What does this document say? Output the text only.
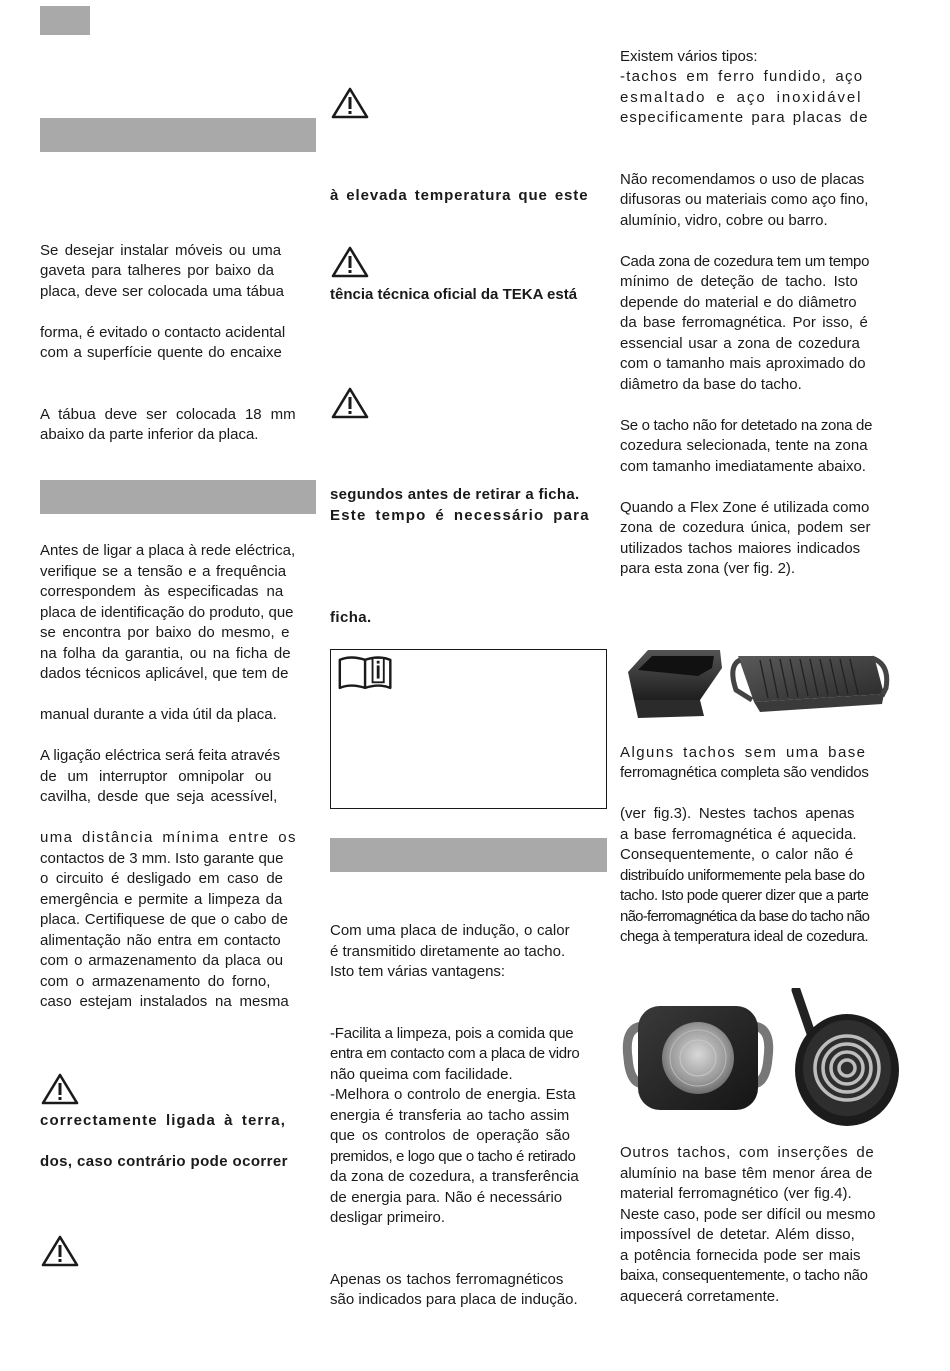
Se desejar instalar móveis ou uma
gaveta para talheres por baixo da
placa, deve ser colocada uma tábua
forma, é evitado o contacto acidental
com a superfície quente do encaixe
A tábua deve ser colocada 18 mm
abaixo da parte inferior da placa.
Antes de ligar a placa à rede eléctrica,
verifique se a tensão e a frequência
correspondem às especificadas na
placa de identificação do produto, que
se encontra por baixo do mesmo, e
na folha da garantia, ou na ficha de
dados técnicos aplicável, que tem de
manual durante a vida útil da placa.
A ligação eléctrica será feita através
de um interruptor omnipolar ou
cavilha, desde que seja acessível,
uma distância mínima entre os
contactos de 3 mm. Isto garante que
o circuito é desligado em caso de
emergência e permite a limpeza da
placa. Certifiquese de que o cabo de
alimentação não entra em contacto
com o armazenamento da placa ou
com o armazenamento do forno,
caso estejam instalados na mesma
correctamente ligada à terra,
dos, caso contrário pode ocorrer
à elevada temperatura que este
tência técnica oficial da TEKA está
segundos antes de retirar a ficha.
Este tempo é necessário para
ficha.
Com uma placa de indução, o calor
é transmitido diretamente ao tacho.
Isto tem várias vantagens:
-Facilita a limpeza, pois a comida que
entra em contacto com a placa de vidro
não queima com facilidade.
-Melhora o controlo de energia. Esta
energia é transferia ao tacho assim
que os controlos de operação são
premidos, e logo que o tacho é retirado
da zona de cozedura, a transferência
de energia para. Não é necessário
desligar primeiro.
Apenas os tachos ferromagnéticos
são indicados para placa de indução.
Existem vários tipos:
-tachos em ferro fundido, aço
esmaltado e aço inoxidável
especificamente para placas de
Não recomendamos o uso de placas
difusoras ou materiais como aço fino,
alumínio, vidro, cobre ou barro.
Cada zona de cozedura tem um tempo
mínimo de deteção de tacho. Isto
depende do material e do diâmetro
da base ferromagnética. Por isso, é
essencial usar a zona de cozedura
com o tamanho mais aproximado do
diâmetro da base do tacho.
Se o tacho não for detetado na zona de
cozedura selecionada, tente na zona
com tamanho imediatamente abaixo.
Quando a Flex Zone é utilizada como
zona de cozedura única, podem ser
utilizados tachos maiores indicados
para esta zona (ver fig. 2).
Alguns tachos sem uma base
ferromagnética completa são vendidos
(ver fig.3). Nestes tachos apenas
a base ferromagnética é aquecida.
Consequentemente, o calor não é
distribuído uniformemente pela base do
tacho. Isto pode querer dizer que a parte
não-ferromagnética da base do tacho não
chega à temperatura ideal de cozedura.
Outros tachos, com inserções de
alumínio na base têm menor área de
material ferromagnético (ver fig.4).
Neste caso, pode ser difícil ou mesmo
impossível de detetar. Além disso,
a potência fornecida pode ser mais
baixa, consequentemente, o tacho não
aquecerá corretamente.
